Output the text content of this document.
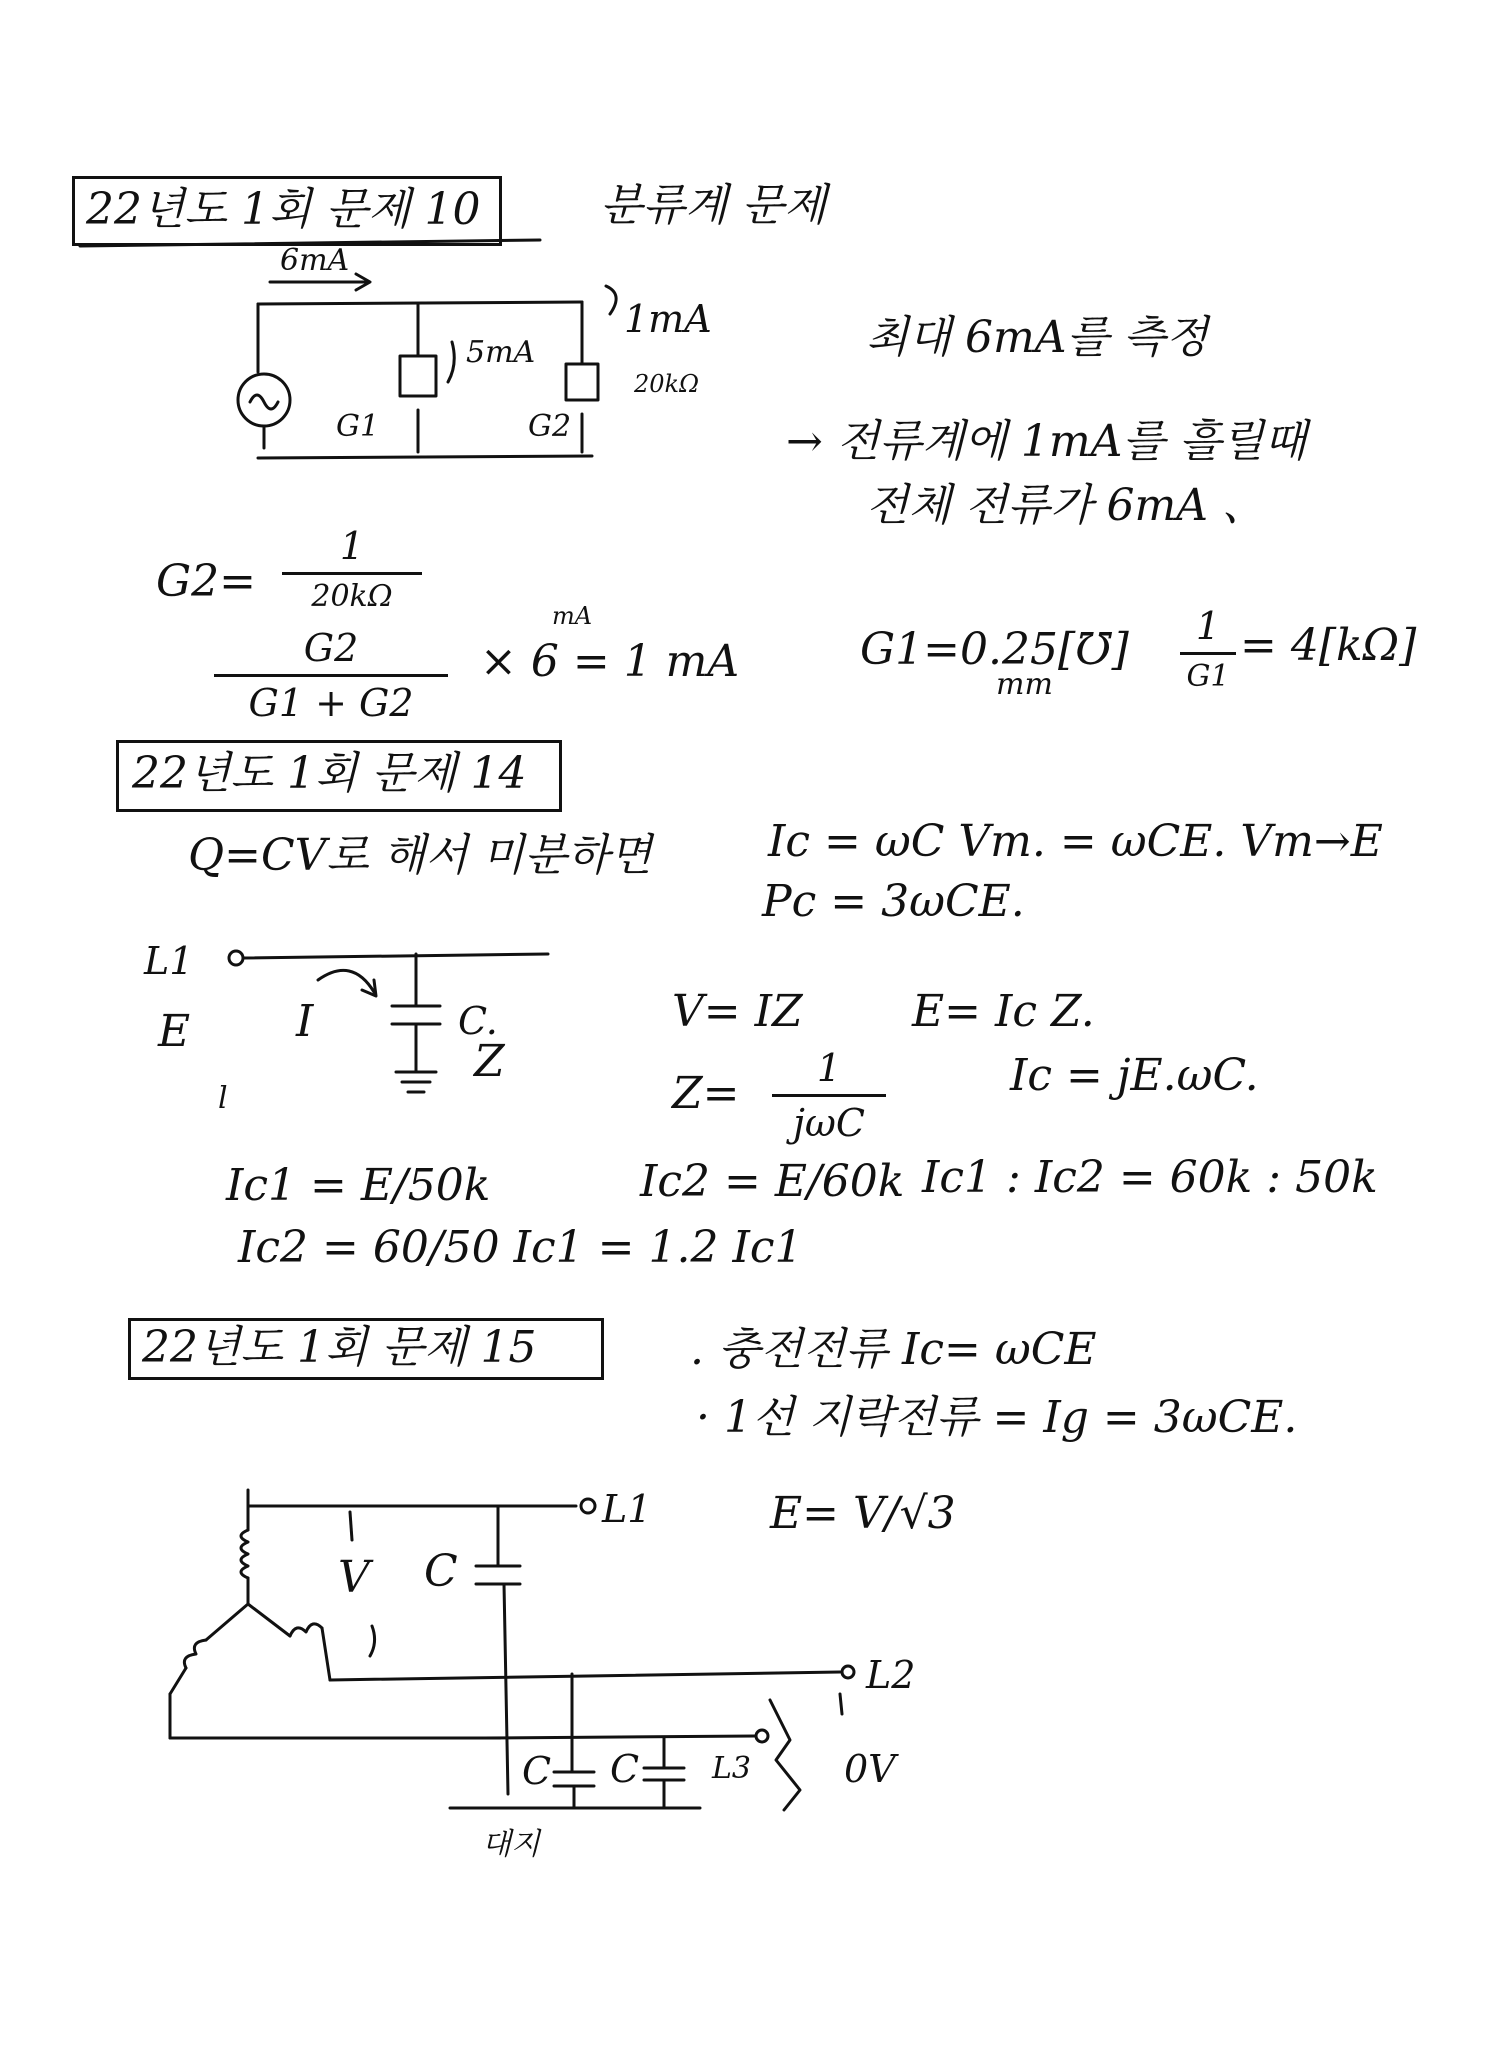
22년도 1회 문제 10	분류계 문제
6mA
1mA
5mA
G1	G2
20kΩ
최대 6mA를 측정
→ 전류계에 1mA를 흘릴때
전체 전류가 6mA 、
G2=
1
20kΩ
mA
G2
G1 + G2
× 6 = 1 mA	G1=0.25[℧]
mm
1
G1
= 4[kΩ]
22년도 1회 문제 14
Q=CV로 해서 미분하면	Ic = ωC Vm. = ωCE. Vm→E
Pc = 3ωCE.
L1
E
l
I	C.
Z
V= IZ E= Ic Z.
Z=	1
jωC
Ic = jE.ωC.
Ic1 = E/50k	Ic2 = E/60k Ic1 : Ic2 = 60k : 50k
Ic2 = 60/50 Ic1 = 1.2 Ic1
22년도 1회 문제 15	. 충전전류 Ic= ωCE
· 1선 지락전류 = Ig = 3ωCE.
E= V/√3
L1
L2
L3
V C
C C	0V
대지
